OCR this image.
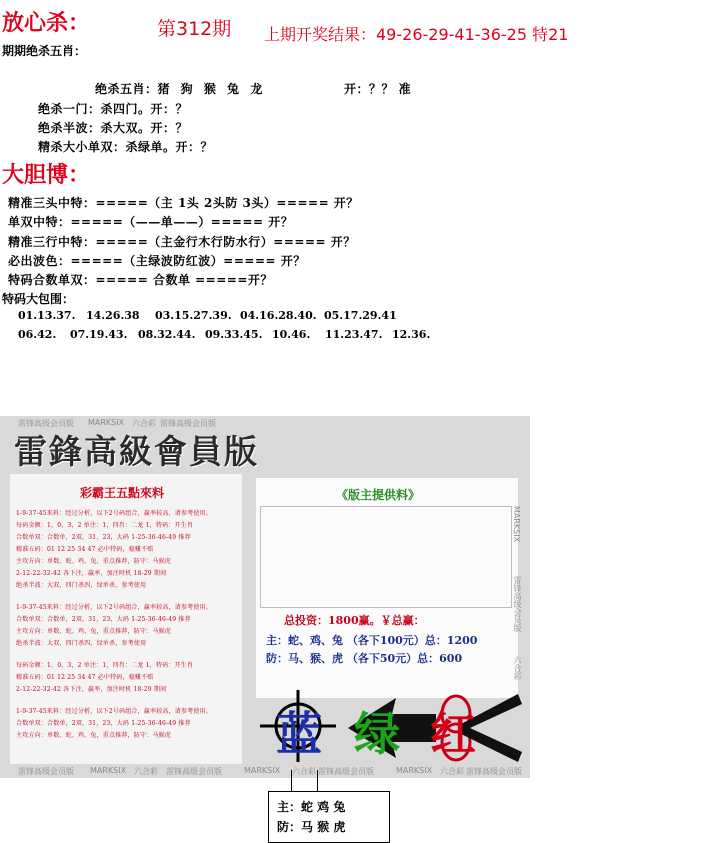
放心杀：	第312期 上期开奖结果：49-26-29-41-36-25 特21
期期绝杀五肖：
绝杀五肖：猪 狗 猴 兔 龙	开：？？ 准
绝杀一门：杀四门。开：？
绝杀半波：杀大双。开：？
精杀大小单双：杀绿单。开：？
大胆博：
精准三头中特：=====（主 1头 2头防 3头）===== 开？
单双中特：=====（——单——）===== 开？
精准三行中特：=====（主金行木行防水行）===== 开？
必出波色：=====（主绿波防红波）===== 开？
特码合数单双：===== 合数单 =====开？
特码大包围：
01.13.37. 14.26.38 03.15.27.39. 04.16.28.40. 05.17.29.41
06.42. 07.19.43. 08.32.44. 09.33.45. 10.46. 11.23.47. 12.36.
雷锋高级会员版 MARKSIX 六合彩 雷锋高级会员版
雷锋高级会员版 MARKSIX 六合彩 雷锋高级会员版	MARKSIX 六合彩 雷锋高级会员版	MARKSIX 六合彩 雷锋高级会员版
雷鋒高級會員版
彩霸王五點來料
1-9-37-45来料：经过分析，以下2号码组合，赢率较高，请参考使用。
每码金额：1，0，3，2 单注：1，四肖：二龙 1，特码：开生肖
合数单双：合数单，2双，31，23，大码 1-25-36-46-49 推荐
精准五码：01 12 25 34 47 必中特码，稳赚不赔
主攻方向：单数、蛇、鸡、兔，重点推荐，防守：马猴虎
2-12-22-32-42 各下注，赢率，加注时机 18-29 期间
绝杀半波：大双，四门杀四，绿单杀，参考使用
1-9-37-45来料：经过分析，以下2号码组合，赢率较高，请参考使用。
合数单双：合数单，2双，31，23，大码 1-25-36-46-49 推荐
主攻方向：单数、蛇、鸡、兔，重点推荐，防守：马猴虎
绝杀半波：大双，四门杀四，绿单杀，参考使用
每码金额：1，0，3，2 单注：1，四肖：二龙 1，特码：开生肖
精准五码：01 12 25 34 47 必中特码，稳赚不赔
2-12-22-32-42 各下注，赢率，加注时机 18-29 期间
1-9-37-45来料：经过分析，以下2号码组合，赢率较高，请参考使用。
合数单双：合数单，2双，31，23，大码 1-25-36-46-49 推荐
主攻方向：单数、蛇、鸡、兔，重点推荐，防守：马猴虎
《版主提供料》
总投资：1800赢。￥总赢：
主：蛇、鸡、兔 （各下100元）总：1200
防：马、猴、虎 （各下50元）总：600
蓝 绿 红
MARKSIX
雷锋高级会员版
六合彩
主：蛇 鸡 兔
防：马 猴 虎
